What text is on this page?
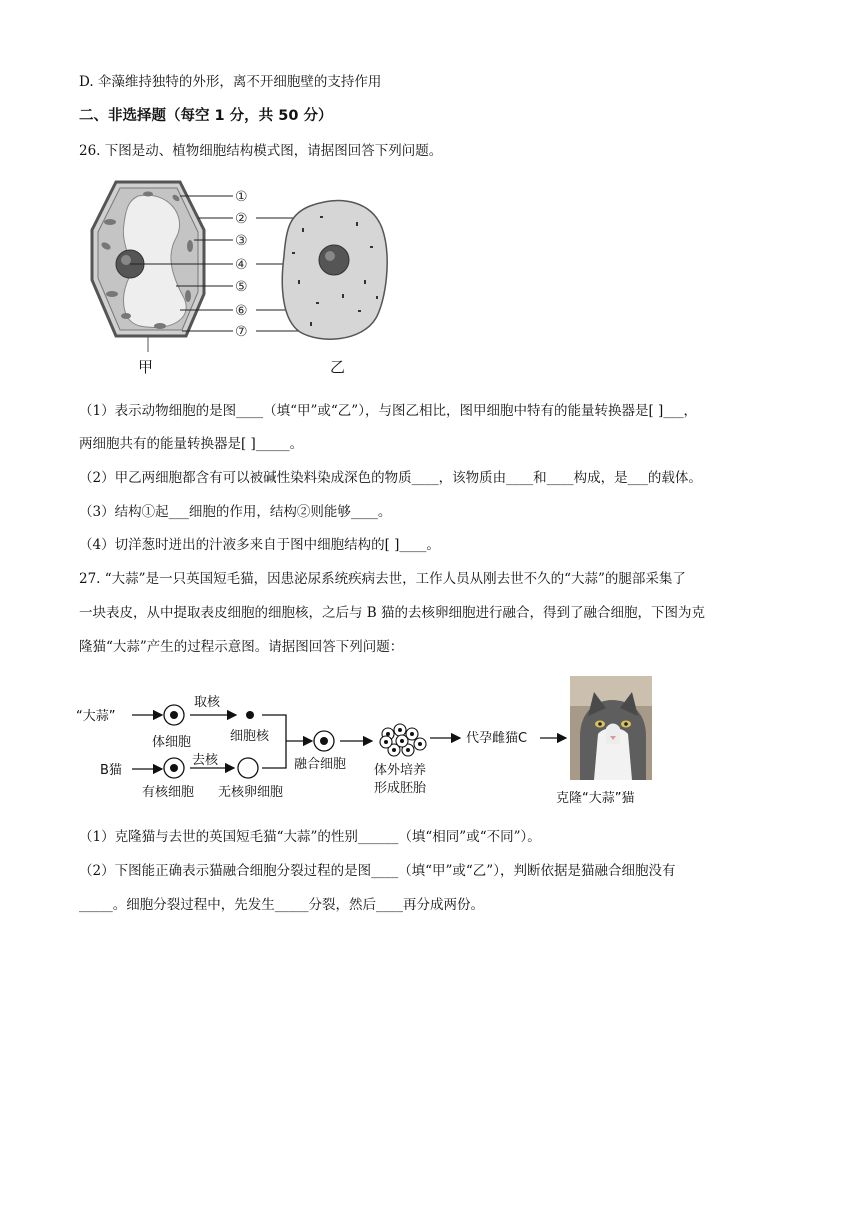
D. 伞藻维持独特的外形，离不开细胞壁的支持作用
二、非选择题（每空 1 分，共 50 分）
26. 下图是动、植物细胞结构模式图，请据图回答下列问题。
甲
①
②
③
④
⑤
⑥
⑦
乙
（1）表示动物细胞的是图____（填“甲”或“乙”），与图乙相比，图甲细胞中特有的能量转换器是[ ]___，
两细胞共有的能量转换器是[ ]_____。
（2）甲乙两细胞都含有可以被碱性染料染成深色的物质____，该物质由____和____构成，是___的载体。
（3）结构①起___细胞的作用，结构②则能够____。
（4）切洋葱时迸出的汁液多来自于图中细胞结构的[ ]____。
27. “大蒜”是一只英国短毛猫，因患泌尿系统疾病去世，工作人员从刚去世不久的“大蒜”的腿部采集了
一块表皮，从中提取表皮细胞的细胞核，之后与 B 猫的去核卵细胞进行融合，得到了融合细胞，下图为克
隆猫“大蒜”产生的过程示意图。请据图回答下列问题：
“大蒜”
体细胞
取核
细胞核
B猫
有核细胞
去核
无核卵细胞
融合细胞 体外培养
形成胚胎
代孕雌猫C
克隆“大蒜”猫
（1）克隆猫与去世的英国短毛猫“大蒜”的性别______（填“相同”或“不同”）。
（2）下图能正确表示猫融合细胞分裂过程的是图____（填“甲”或“乙”），判断依据是猫融合细胞没有
_____。细胞分裂过程中，先发生_____分裂，然后____再分成两份。
